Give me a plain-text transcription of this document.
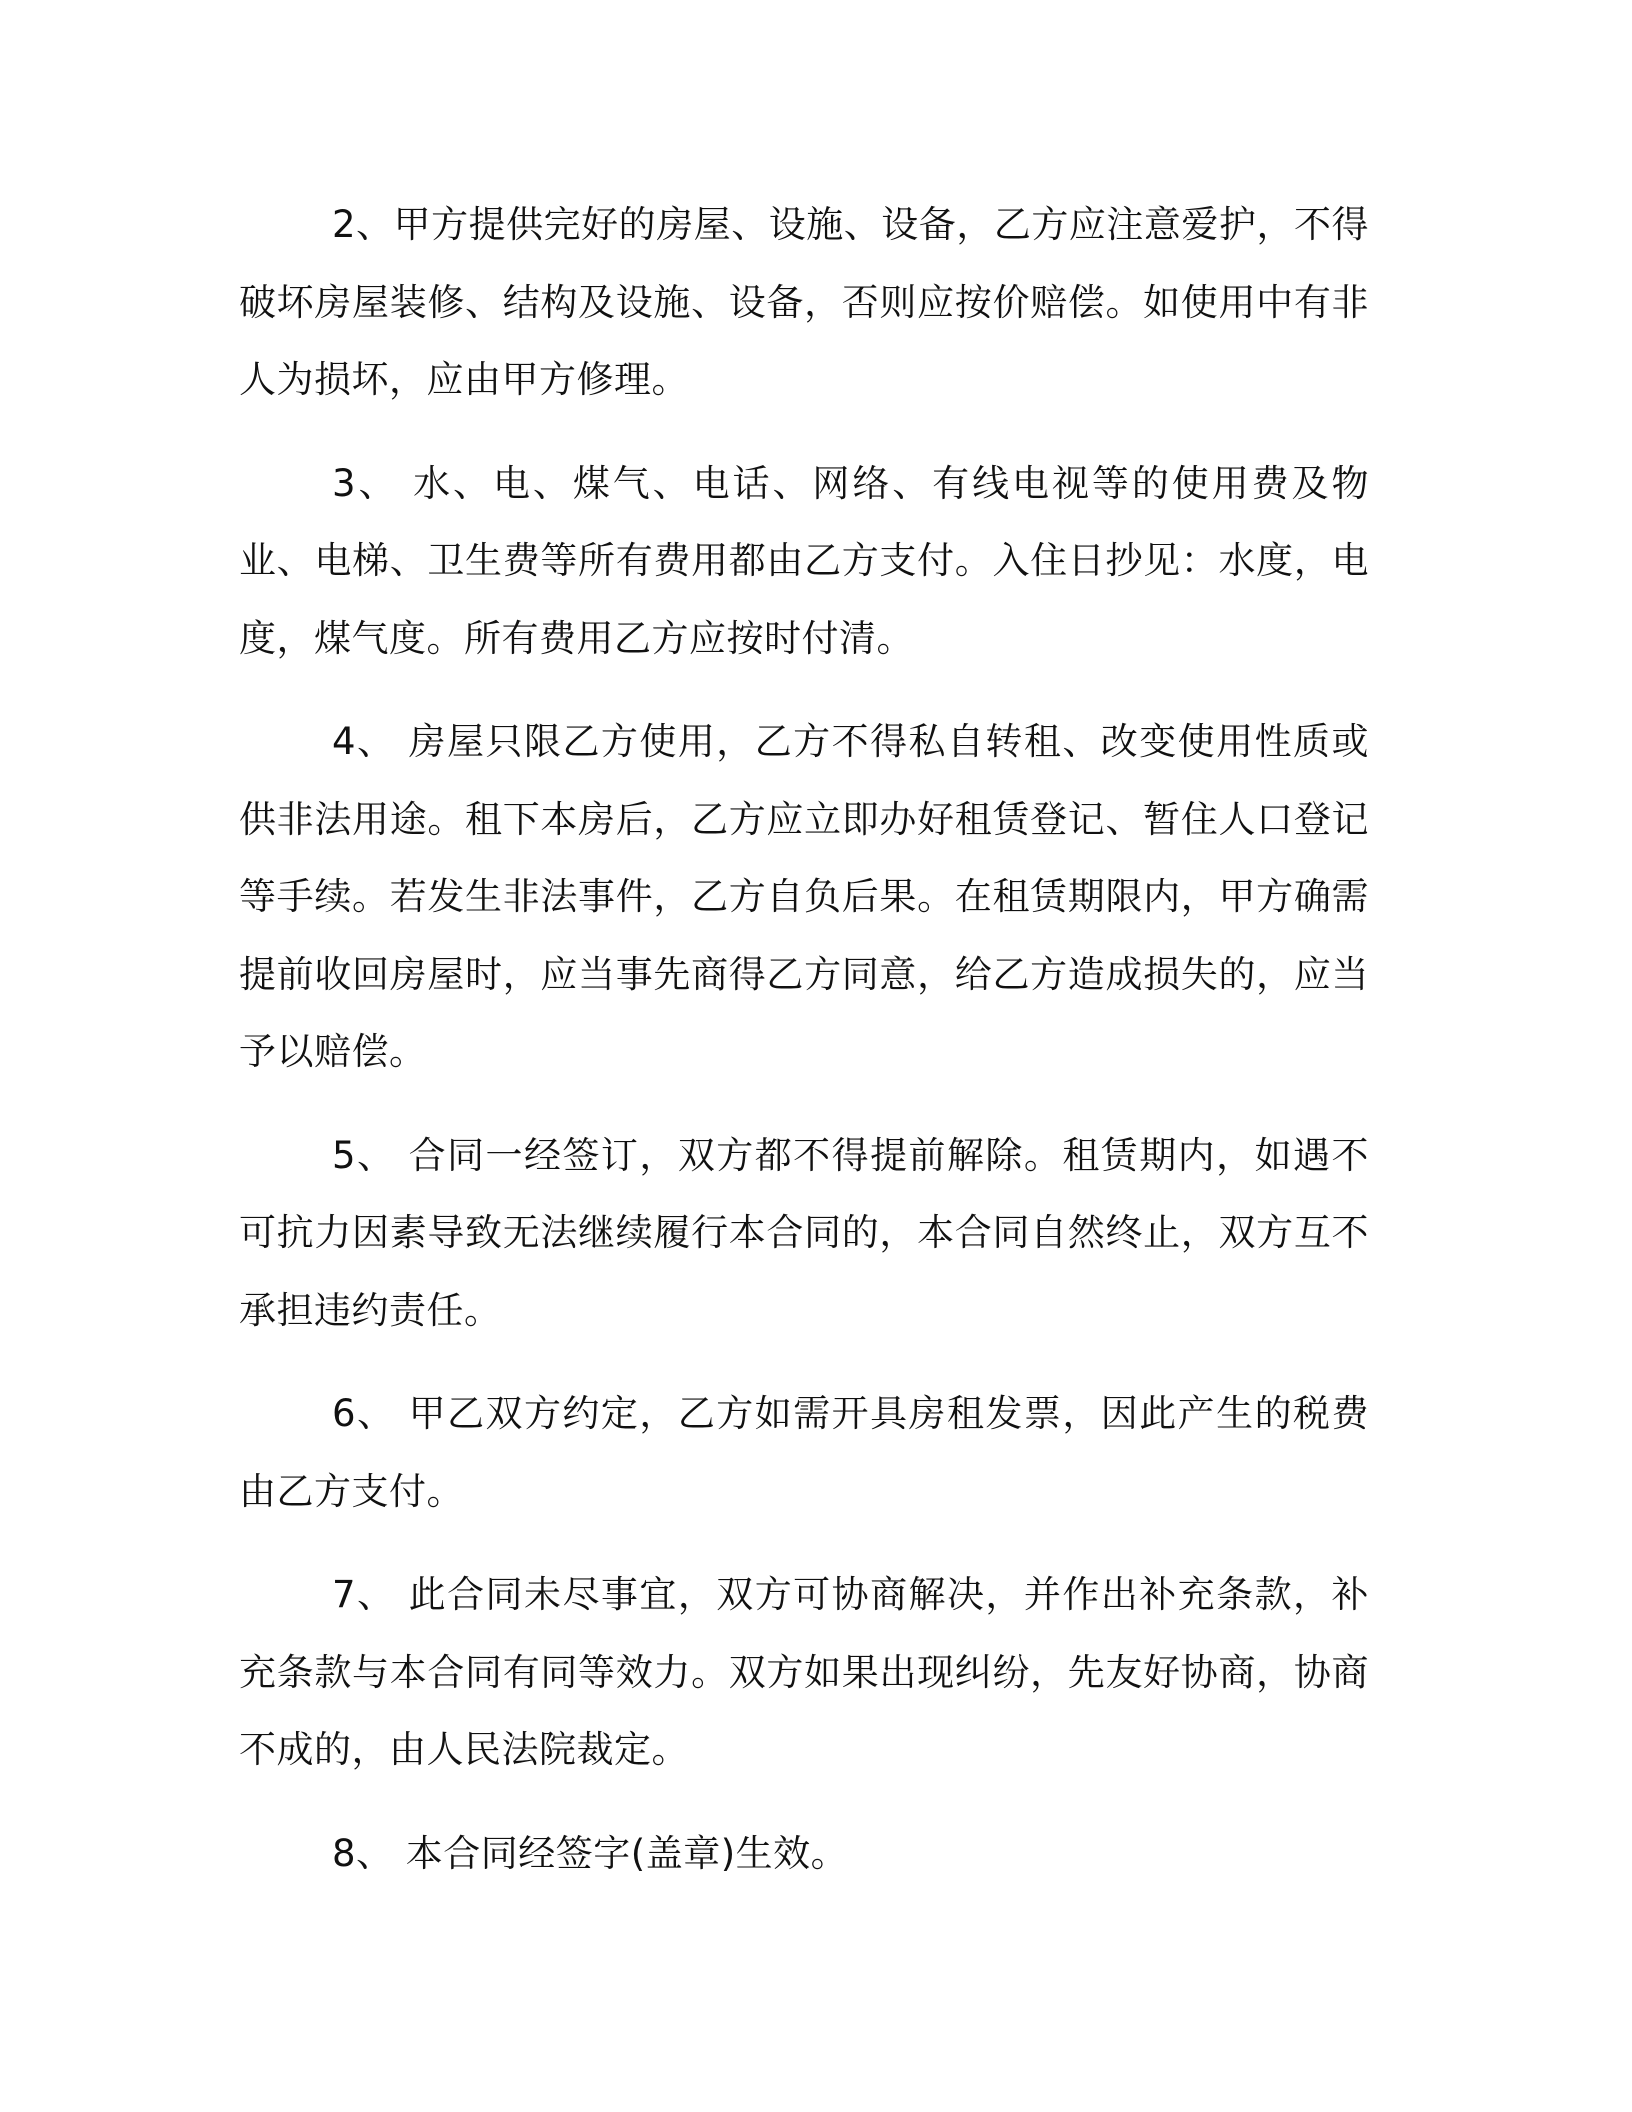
2、甲方提供完好的房屋、设施、设备，乙方应注意爱护，不得破坏房屋装修、结构及设施、设备，否则应按价赔偿。如使用中有非人为损坏，应由甲方修理。

3、 水、电、煤气、电话、网络、有线电视等的使用费及物业、电梯、卫生费等所有费用都由乙方支付。入住日抄见：水度，电度，煤气度。所有费用乙方应按时付清。

4、 房屋只限乙方使用，乙方不得私自转租、改变使用性质或供非法用途。租下本房后，乙方应立即办好租赁登记、暂住人口登记等手续。若发生非法事件，乙方自负后果。在租赁期限内，甲方确需提前收回房屋时，应当事先商得乙方同意，给乙方造成损失的，应当予以赔偿。

5、 合同一经签订，双方都不得提前解除。租赁期内，如遇不可抗力因素导致无法继续履行本合同的，本合同自然终止，双方互不承担违约责任。

6、 甲乙双方约定，乙方如需开具房租发票，因此产生的税费由乙方支付。

7、 此合同未尽事宜，双方可协商解决，并作出补充条款，补充条款与本合同有同等效力。双方如果出现纠纷，先友好协商，协商不成的，由人民法院裁定。

8、 本合同经签字(盖章)生效。
